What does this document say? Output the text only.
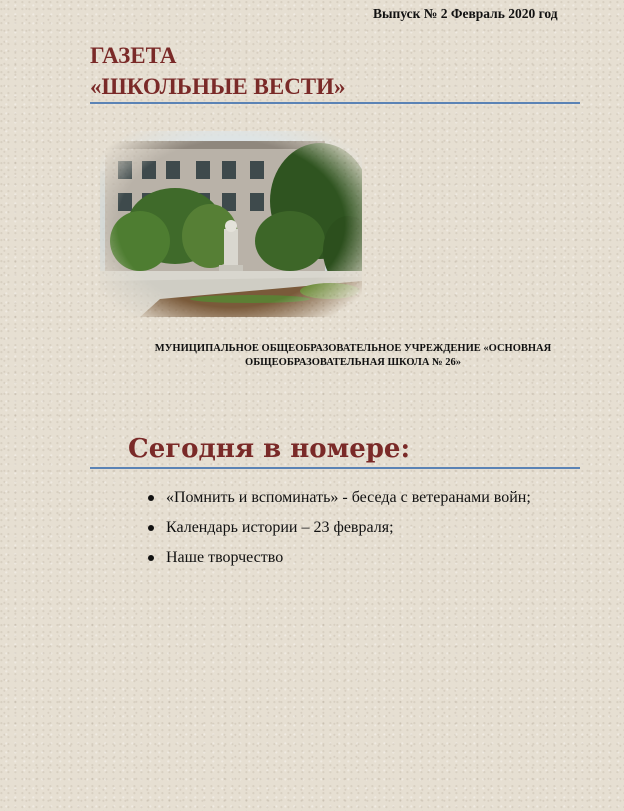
Выпуск № 2 Февраль 2020 год
ГАЗЕТА
«ШКОЛЬНЫЕ ВЕСТИ»
МУНИЦИПАЛЬНОЕ ОБЩЕОБРАЗОВАТЕЛЬНОЕ УЧРЕЖДЕНИЕ «ОСНОВНАЯ
ОБЩЕОБРАЗОВАТЕЛЬНАЯ ШКОЛА № 26»
Сегодня в номере:
«Помнить и вспоминать» - беседа с ветеранами войн;
Календарь истории – 23 февраля;
Наше творчество
